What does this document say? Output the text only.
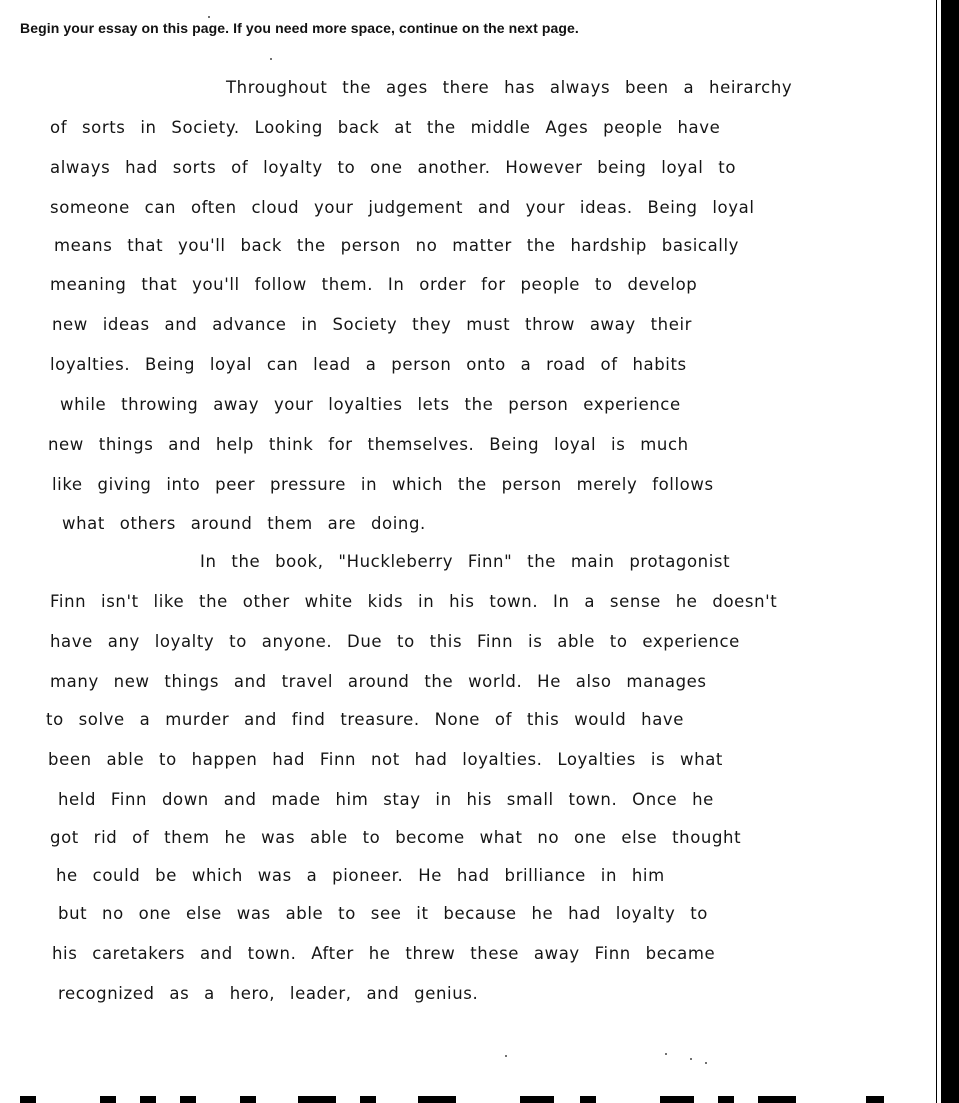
Begin your essay on this page. If you need more space, continue on the next page.
Throughout the ages there has always been a heirarchy
of sorts in Society. Looking back at the middle Ages people have
always had sorts of loyalty to one another. However being loyal to
someone can often cloud your judgement and your ideas. Being loyal
means that you'll back the person no matter the hardship basically
meaning that you'll follow them. In order for people to develop
new ideas and advance in Society they must throw away their
loyalties. Being loyal can lead a person onto a road of habits
while throwing away your loyalties lets the person experience
new things and help think for themselves. Being loyal is much
like giving into peer pressure in which the person merely follows
what others around them are doing.
In the book, "Huckleberry Finn" the main protagonist
Finn isn't like the other white kids in his town. In a sense he doesn't
have any loyalty to anyone. Due to this Finn is able to experience
many new things and travel around the world. He also manages
to solve a murder and find treasure. None of this would have
been able to happen had Finn not had loyalties. Loyalties is what
held Finn down and made him stay in his small town. Once he
got rid of them he was able to become what no one else thought
he could be which was a pioneer. He had brilliance in him
but no one else was able to see it because he had loyalty to
his caretakers and town. After he threw these away Finn became
recognized as a hero, leader, and genius.
